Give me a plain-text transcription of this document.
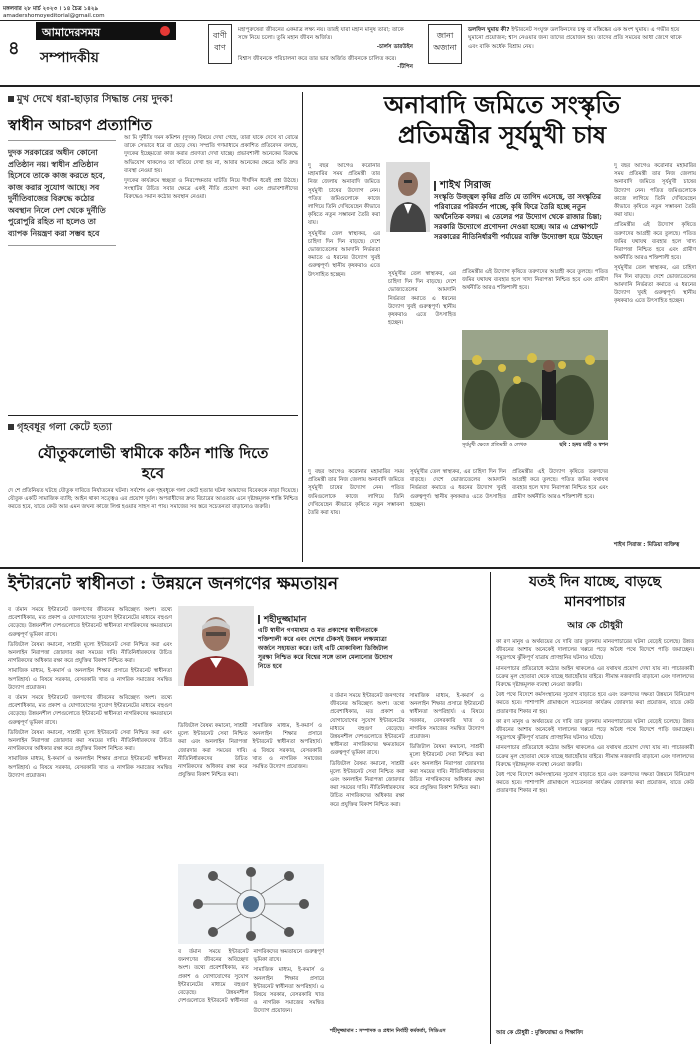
মঙ্গলবার ২৮ মার্চ ২০২৩ । ১৪ চৈত্র ১৪২৯
amadershomoyeditorial@gmail.com
আমাদেরসময়
৪ সম্পাদকীয়
বাণী
বাণ
মহাপুরুষেরা জীবনের একমাত্র লক্ষ্য নয়। তারই যারা মহান মানুষ তারা; তাকে সঙ্গে নিয়ে চলো। তুমি মহান জীবন অর্জিত।
-চার্লস ডারউইন
বিশ্বাস জীবনকে পরিচালনা করে তার ভার অর্জিত জীবনকে চালিত করে।
-টিপিন
জানা
অজানা
ডলফিন ঘুমায় কী? ইন্টারনেট সংযুক্ত ডলফিনদের চক্ষু বা মস্তিষ্কের এক অংশ ঘুমায়। এ গভীর হয়ে ঘুমানো প্রয়োজন; শ্বাস নেওয়ার জন্য তাদের প্রয়োজন হয়। তাদের প্রতি সময়ের আধা জেগে থাকে এবং বাকি অর্ধেক বিশ্রাম নেয়।
মুখ দেখে ধরা-ছাড়ার সিদ্ধান্ত নেয় দুদক!
স্বাধীন আচরণ প্রত্যাশিত
দুদক সরকারের অধীন কোনো প্রতিষ্ঠান নয়। স্বাধীন প্রতিষ্ঠান হিসেবে তাকে কাজ করতে হবে, কাজ করার সুযোগ আছে। সব দুর্নীতিবাজের বিরুদ্ধে কঠোর অবস্থান নিলে দেশ থেকে দুর্নীতি পুরোপুরি রহিত না হলেও তা ব্যাপক নিয়ন্ত্রণ করা সম্ভব হবে

আ মি দুর্নীতি দমন কমিশন (দুদক) বিষয়ে দেখা গেছে, তারা যাকে দেখে যা বোঝে তাকে সেভাবে ধরে বা ছেড়ে দেয়। সম্প্রতি গণমাধ্যমে প্রকাশিত প্রতিবেদন বলছে, দুদকের ইচ্ছেমতো কাজ করার প্রবণতা দেখা যাচ্ছে। প্রভাবশালী অনেকের বিরুদ্ধে অভিযোগ থাকলেও তা খতিয়ে দেখা হয় না, আবার অনেকের ক্ষেত্রে অতি দ্রুত ব্যবস্থা নেওয়া হয়।

দুদকের কার্যক্রমে স্বচ্ছতা ও নিরপেক্ষতার ঘাটতি নিয়ে দীর্ঘদিন ধরেই প্রশ্ন উঠছে। সংস্থাটির উচিত সবার ক্ষেত্রে একই নীতি প্রয়োগ করা এবং প্রভাবশালীদের বিরুদ্ধেও সমান কঠোর অবস্থান নেওয়া।

গৃহবধূর গলা কেটে হত্যা
যৌতুকলোভী স্বামীকে কঠিন শাস্তি দিতে হবে
দে শে প্রতিনিয়ত ঘটছে যৌতুক দাবিতে নির্যাতনের ঘটনা। সর্বশেষ এক গৃহবধূকে গলা কেটে হত্যার ঘটনা আমাদের বিবেককে নাড়া দিয়েছে। যৌতুক একটি সামাজিক ব্যাধি; আইন থাকা সত্ত্বেও এর প্রয়োগ দুর্বল। অপরাধীদের দ্রুত বিচারের আওতায় এনে দৃষ্টান্তমূলক শাস্তি নিশ্চিত করতে হবে, যাতে কেউ আর এমন জঘন্য কাজে লিপ্ত হওয়ার সাহস না পায়। সমাজের সব স্তরে সচেতনতা বাড়ানোও জরুরি।
অনাবাদি জমিতে সংস্কৃতি
প্রতিমন্ত্রীর সূর্যমুখী চাষ

দু বছর আগেও করোনার মহামারির সময় প্রতিমন্ত্রী তার নিজ জেলায় অনাবাদি জমিতে সূর্যমুখী চাষের উদ্যোগ নেন। পতিত জমিগুলোকে কাজে লাগিয়ে তিনি দেখিয়েছেন কীভাবে কৃষিতে নতুন সম্ভাবনা তৈরি করা যায়।

সূর্যমুখীর তেল স্বাস্থ্যকর, এর চাহিদা দিন দিন বাড়ছে। দেশে ভোজ্যতেলের আমদানি নির্ভরতা কমাতে এ ধরনের উদ্যোগ খুবই গুরুত্বপূর্ণ। স্থানীয় কৃষকরাও এতে উৎসাহিত হচ্ছেন।

শাইখ সিরাজ
সংস্কৃতি উজ্জ্বল কৃষির প্রতি যে তাগিদ এসেছে, তা সংস্কৃতির পরিবারের পরিবর্তন পাচ্ছে, কৃষি ফিরে তৈরি হচ্ছে নতুন অর্থনৈতিক বলয়। এ তেলের পর উদ্যোগ থেকে রাজার চিন্তা; সরকারি উদ্যোগে প্রণোদনা দেওয়া হচ্ছে। আর এ প্রেক্ষাপটে সরকারের নীতিনির্ধারণী পর্যায়ের ব্যক্তি উদ্যোক্তা হয়ে উঠছেন

সূর্যমুখীর তেল স্বাস্থ্যকর, এর চাহিদা দিন দিন বাড়ছে। দেশে ভোজ্যতেলের আমদানি নির্ভরতা কমাতে এ ধরনের উদ্যোগ খুবই গুরুত্বপূর্ণ। স্থানীয় কৃষকরাও এতে উৎসাহিত হচ্ছেন।

সূর্যমুখী ক্ষেতে প্রতিমন্ত্রী ও লেখক	ছবি : হৃদয় মাহী ও স্বপন

প্রতিমন্ত্রীর এই উদ্যোগ কৃষিতে তরুণদের আগ্রহী করে তুলছে। পতিত জমির যথাযথ ব্যবহার হলে খাদ্য নিরাপত্তা নিশ্চিত হবে এবং গ্রামীণ অর্থনীতি আরও শক্তিশালী হবে।

দু বছর আগেও করোনার মহামারির সময় প্রতিমন্ত্রী তার নিজ জেলায় অনাবাদি জমিতে সূর্যমুখী চাষের উদ্যোগ নেন। পতিত জমিগুলোকে কাজে লাগিয়ে তিনি দেখিয়েছেন কীভাবে কৃষিতে নতুন সম্ভাবনা তৈরি করা যায়।

প্রতিমন্ত্রীর এই উদ্যোগ কৃষিতে তরুণদের আগ্রহী করে তুলছে। পতিত জমির যথাযথ ব্যবহার হলে খাদ্য নিরাপত্তা নিশ্চিত হবে এবং গ্রামীণ অর্থনীতি আরও শক্তিশালী হবে।

সূর্যমুখীর তেল স্বাস্থ্যকর, এর চাহিদা দিন দিন বাড়ছে। দেশে ভোজ্যতেলের আমদানি নির্ভরতা কমাতে এ ধরনের উদ্যোগ খুবই গুরুত্বপূর্ণ। স্থানীয় কৃষকরাও এতে উৎসাহিত হচ্ছেন।

শাইখ সিরাজ : মিডিয়া ব্যক্তিত্ব

দু বছর আগেও করোনার মহামারির সময় প্রতিমন্ত্রী তার নিজ জেলায় অনাবাদি জমিতে সূর্যমুখী চাষের উদ্যোগ নেন। পতিত জমিগুলোকে কাজে লাগিয়ে তিনি দেখিয়েছেন কীভাবে কৃষিতে নতুন সম্ভাবনা তৈরি করা যায়।

সূর্যমুখীর তেল স্বাস্থ্যকর, এর চাহিদা দিন দিন বাড়ছে। দেশে ভোজ্যতেলের আমদানি নির্ভরতা কমাতে এ ধরনের উদ্যোগ খুবই গুরুত্বপূর্ণ। স্থানীয় কৃষকরাও এতে উৎসাহিত হচ্ছেন।

প্রতিমন্ত্রীর এই উদ্যোগ কৃষিতে তরুণদের আগ্রহী করে তুলছে। পতিত জমির যথাযথ ব্যবহার হলে খাদ্য নিরাপত্তা নিশ্চিত হবে এবং গ্রামীণ অর্থনীতি আরও শক্তিশালী হবে।

ইন্টারনেট স্বাধীনতা : উন্নয়নে জনগণের ক্ষমতায়ন
শহীদুজ্জামান
এটি স্বাধীন গণমাধ্যম ও মত প্রকাশের স্বাধীনতাকে শক্তিশালী করে এবং দেশের টেকসই উন্নয়ন লক্ষ্যমাত্রা অর্জনে সহায়তা করে। তাই এটি মোকাবিলা ডিজিটাল সুরক্ষা নিশ্চিত করে বিশ্বের সঙ্গে তাল মেলানোর উদ্যোগ নিতে হবে

ব র্তমান সময়ে ইন্টারনেট জনগণের জীবনের অবিচ্ছেদ্য অংশ। তথ্যে প্রবেশাধিকার, মত প্রকাশ ও যোগাযোগের সুযোগ ইন্টারনেটের মাধ্যমে বহুগুণ বেড়েছে। উন্নয়নশীল দেশগুলোতে ইন্টারনেট স্বাধীনতা নাগরিকদের ক্ষমতায়নে গুরুত্বপূর্ণ ভূমিকা রাখে।

ডিজিটাল বৈষম্য কমানো, সাশ্রয়ী মূল্যে ইন্টারনেট সেবা নিশ্চিত করা এবং অনলাইন নিরাপত্তা জোরদার করা সময়ের দাবি। নীতিনির্ধারকদের উচিত নাগরিকদের অধিকার রক্ষা করে প্রযুক্তির বিকাশ নিশ্চিত করা।

সামাজিক মাধ্যম, ই-কমার্স ও অনলাইন শিক্ষার প্রসারে ইন্টারনেট স্বাধীনতা অপরিহার্য। এ বিষয়ে সরকার, বেসরকারি খাত ও নাগরিক সমাজের সমন্বিত উদ্যোগ প্রয়োজন।

ব র্তমান সময়ে ইন্টারনেট জনগণের জীবনের অবিচ্ছেদ্য অংশ। তথ্যে প্রবেশাধিকার, মত প্রকাশ ও যোগাযোগের সুযোগ ইন্টারনেটের মাধ্যমে বহুগুণ বেড়েছে। উন্নয়নশীল দেশগুলোতে ইন্টারনেট স্বাধীনতা নাগরিকদের ক্ষমতায়নে গুরুত্বপূর্ণ ভূমিকা রাখে।

ডিজিটাল বৈষম্য কমানো, সাশ্রয়ী মূল্যে ইন্টারনেট সেবা নিশ্চিত করা এবং অনলাইন নিরাপত্তা জোরদার করা সময়ের দাবি। নীতিনির্ধারকদের উচিত নাগরিকদের অধিকার রক্ষা করে প্রযুক্তির বিকাশ নিশ্চিত করা।

সামাজিক মাধ্যম, ই-কমার্স ও অনলাইন শিক্ষার প্রসারে ইন্টারনেট স্বাধীনতা অপরিহার্য। এ বিষয়ে সরকার, বেসরকারি খাত ও নাগরিক সমাজের সমন্বিত উদ্যোগ প্রয়োজন।

ডিজিটাল বৈষম্য কমানো, সাশ্রয়ী মূল্যে ইন্টারনেট সেবা নিশ্চিত করা এবং অনলাইন নিরাপত্তা জোরদার করা সময়ের দাবি। নীতিনির্ধারকদের উচিত নাগরিকদের অধিকার রক্ষা করে প্রযুক্তির বিকাশ নিশ্চিত করা।

সামাজিক মাধ্যম, ই-কমার্স ও অনলাইন শিক্ষার প্রসারে ইন্টারনেট স্বাধীনতা অপরিহার্য। এ বিষয়ে সরকার, বেসরকারি খাত ও নাগরিক সমাজের সমন্বিত উদ্যোগ প্রয়োজন।

ব র্তমান সময়ে ইন্টারনেট জনগণের জীবনের অবিচ্ছেদ্য অংশ। তথ্যে প্রবেশাধিকার, মত প্রকাশ ও যোগাযোগের সুযোগ ইন্টারনেটের মাধ্যমে বহুগুণ বেড়েছে। উন্নয়নশীল দেশগুলোতে ইন্টারনেট স্বাধীনতা নাগরিকদের ক্ষমতায়নে গুরুত্বপূর্ণ ভূমিকা রাখে।

সামাজিক মাধ্যম, ই-কমার্স ও অনলাইন শিক্ষার প্রসারে ইন্টারনেট স্বাধীনতা অপরিহার্য। এ বিষয়ে সরকার, বেসরকারি খাত ও নাগরিক সমাজের সমন্বিত উদ্যোগ প্রয়োজন।

ব র্তমান সময়ে ইন্টারনেট জনগণের জীবনের অবিচ্ছেদ্য অংশ। তথ্যে প্রবেশাধিকার, মত প্রকাশ ও যোগাযোগের সুযোগ ইন্টারনেটের মাধ্যমে বহুগুণ বেড়েছে। উন্নয়নশীল দেশগুলোতে ইন্টারনেট স্বাধীনতা নাগরিকদের ক্ষমতায়নে গুরুত্বপূর্ণ ভূমিকা রাখে।

ডিজিটাল বৈষম্য কমানো, সাশ্রয়ী মূল্যে ইন্টারনেট সেবা নিশ্চিত করা এবং অনলাইন নিরাপত্তা জোরদার করা সময়ের দাবি। নীতিনির্ধারকদের উচিত নাগরিকদের অধিকার রক্ষা করে প্রযুক্তির বিকাশ নিশ্চিত করা।

সামাজিক মাধ্যম, ই-কমার্স ও অনলাইন শিক্ষার প্রসারে ইন্টারনেট স্বাধীনতা অপরিহার্য। এ বিষয়ে সরকার, বেসরকারি খাত ও নাগরিক সমাজের সমন্বিত উদ্যোগ প্রয়োজন।

ডিজিটাল বৈষম্য কমানো, সাশ্রয়ী মূল্যে ইন্টারনেট সেবা নিশ্চিত করা এবং অনলাইন নিরাপত্তা জোরদার করা সময়ের দাবি। নীতিনির্ধারকদের উচিত নাগরিকদের অধিকার রক্ষা করে প্রযুক্তির বিকাশ নিশ্চিত করা।

শহীদুজ্জামান : সম্পাদক ও প্রধান নির্বাহী কর্মকর্তা, সিডিএস
যতই দিন যাচ্ছে, বাড়ছে
মানবপাচার
আর কে চৌধুরী

কা রণ মানুষ ও অর্থব্যয়ের যে দাবি তার তুলনায় মানবপাচারের ঘটনা বেড়েই চলেছে। উন্নত জীবনের আশায় অনেকেই দালালের খপ্পরে পড়ে অবৈধ পথে বিদেশে পাড়ি জমাচ্ছেন। সমুদ্রপথে ঝুঁকিপূর্ণ যাত্রায় প্রাণহানির ঘটনাও ঘটছে।

মানবপাচার প্রতিরোধে কঠোর আইন থাকলেও এর যথাযথ প্রয়োগ দেখা যায় না। পাচারকারী চক্রের মূল হোতারা থেকে যাচ্ছে ধরাছোঁয়ার বাইরে। সীমান্ত নজরদারি বাড়ানো এবং দালালদের বিরুদ্ধে দৃষ্টান্তমূলক ব্যবস্থা নেওয়া জরুরি।

বৈধ পথে বিদেশে কর্মসংস্থানের সুযোগ বাড়াতে হবে এবং তরুণদের দক্ষতা উন্নয়নে বিনিয়োগ করতে হবে। পাশাপাশি গ্রামাঞ্চলে সচেতনতা কার্যক্রম জোরদার করা প্রয়োজন, যাতে কেউ প্রতারণার শিকার না হয়।

কা রণ মানুষ ও অর্থব্যয়ের যে দাবি তার তুলনায় মানবপাচারের ঘটনা বেড়েই চলেছে। উন্নত জীবনের আশায় অনেকেই দালালের খপ্পরে পড়ে অবৈধ পথে বিদেশে পাড়ি জমাচ্ছেন। সমুদ্রপথে ঝুঁকিপূর্ণ যাত্রায় প্রাণহানির ঘটনাও ঘটছে।

মানবপাচার প্রতিরোধে কঠোর আইন থাকলেও এর যথাযথ প্রয়োগ দেখা যায় না। পাচারকারী চক্রের মূল হোতারা থেকে যাচ্ছে ধরাছোঁয়ার বাইরে। সীমান্ত নজরদারি বাড়ানো এবং দালালদের বিরুদ্ধে দৃষ্টান্তমূলক ব্যবস্থা নেওয়া জরুরি।

বৈধ পথে বিদেশে কর্মসংস্থানের সুযোগ বাড়াতে হবে এবং তরুণদের দক্ষতা উন্নয়নে বিনিয়োগ করতে হবে। পাশাপাশি গ্রামাঞ্চলে সচেতনতা কার্যক্রম জোরদার করা প্রয়োজন, যাতে কেউ প্রতারণার শিকার না হয়।

আর কে চৌধুরী : মুক্তিযোদ্ধা ও শিক্ষাবিদ
